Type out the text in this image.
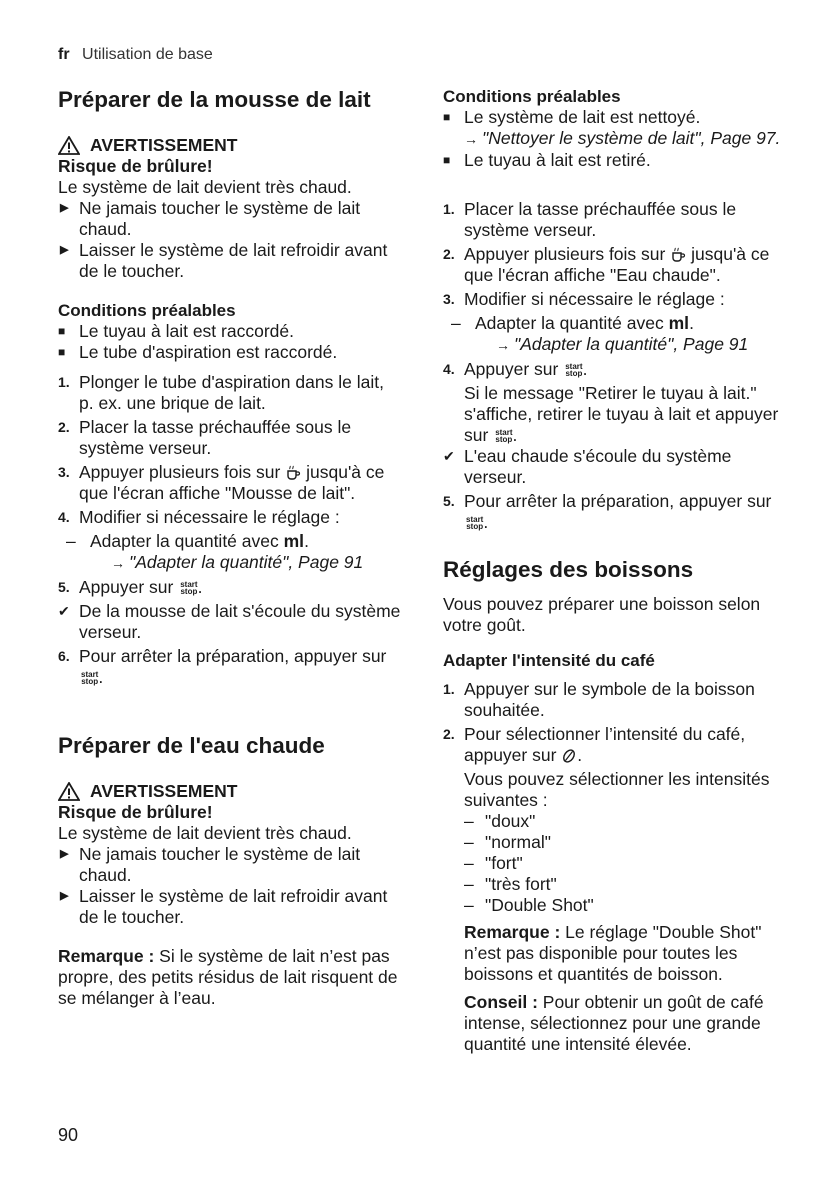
fr Utilisation de base
Préparer de la mousse de lait
AVERTISSEMENT
Risque de brûlure!
Le système de lait devient très chaud.
▶ Ne jamais toucher le système de lait chaud.
▶ Laisser le système de lait refroidir avant de le toucher.
Conditions préalables
■ Le tuyau à lait est raccordé.
■ Le tube d'aspiration est raccordé.
1. Plonger le tube d'aspiration dans le lait, p. ex. une brique de lait.
2. Placer la tasse préchauffée sous le système verseur.
3. Appuyer plusieurs fois sur jusqu'à ce que l'écran affiche "Mousse de lait".
4. Modifier si nécessaire le réglage :
– Adapter la quantité avec ml.
→ "Adapter la quantité", Page 91
5. Appuyer sur start
stop.
✔ De la mousse de lait s'écoule du système verseur.
6. Pour arrêter la préparation, appuyer sur start
stop.
Préparer de l'eau chaude
AVERTISSEMENT
Risque de brûlure!
Le système de lait devient très chaud.
▶ Ne jamais toucher le système de lait chaud.
▶ Laisser le système de lait refroidir avant de le toucher.
Remarque : Si le système de lait n’est pas propre, des petits résidus de lait risquent de se mélanger à l’eau.
Conditions préalables
■ Le système de lait est nettoyé.
→ "Nettoyer le système de lait", Page 97.
■ Le tuyau à lait est retiré.
1. Placer la tasse préchauffée sous le système verseur.
2. Appuyer plusieurs fois sur jusqu'à ce que l'écran affiche "Eau chaude".
3. Modifier si nécessaire le réglage :
– Adapter la quantité avec ml.
→ "Adapter la quantité", Page 91
4. Appuyer sur start
stop.
Si le message "Retirer le tuyau à lait." s'affiche, retirer le tuyau à lait et appuyer sur start
stop.
✔ L'eau chaude s'écoule du système verseur.
5. Pour arrêter la préparation, appuyer sur start
stop.
Réglages des boissons
Vous pouvez préparer une boisson selon votre goût.
Adapter l'intensité du café
1. Appuyer sur le symbole de la boisson souhaitée.
2. Pour sélectionner l’intensité du café, appuyer sur .
Vous pouvez sélectionner les intensités suivantes :
– "doux"
– "normal"
– "fort"
– "très fort"
– "Double Shot"
Remarque : Le réglage "Double Shot" n’est pas disponible pour toutes les boissons et quantités de boisson.
Conseil : Pour obtenir un goût de café intense, sélectionnez pour une grande quantité une intensité élevée.
90
